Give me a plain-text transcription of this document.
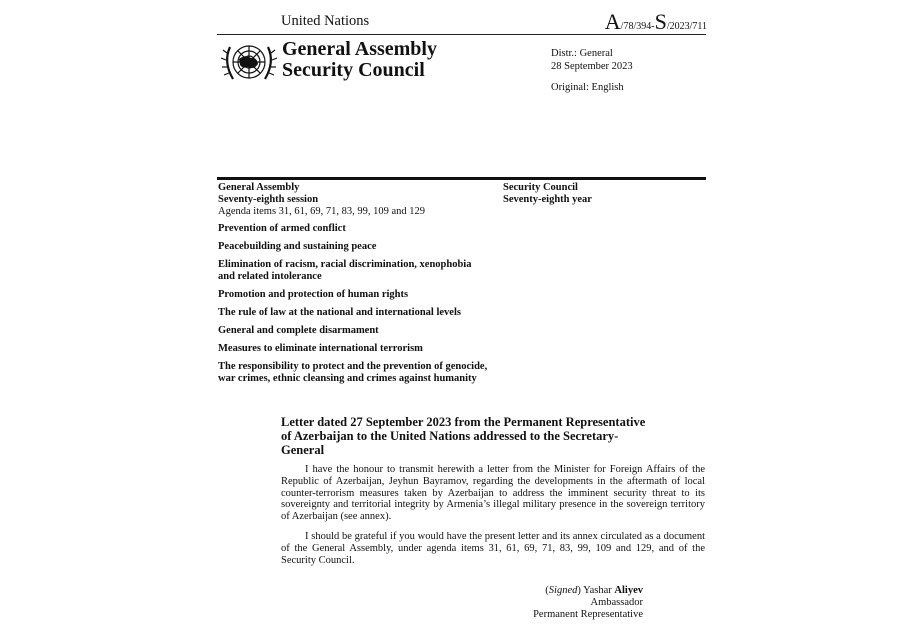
United Nations	A/78/394-S/2023/711
General Assembly
Security Council
Distr.: General
28 September 2023
Original: English
General Assembly
Seventy-eighth session
Agenda items 31, 61, 69, 71, 83, 99, 109 and 129
Security Council
Seventy-eighth year
Prevention of armed conflict
Peacebuilding and sustaining peace
Elimination of racism, racial discrimination, xenophobia and related intolerance
Promotion and protection of human rights
The rule of law at the national and international levels
General and complete disarmament
Measures to eliminate international terrorism
The responsibility to protect and the prevention of genocide, war crimes, ethnic cleansing and crimes against humanity
Letter dated 27 September 2023 from the Permanent Representative of Azerbaijan to the United Nations addressed to the Secretary-General
I have the honour to transmit herewith a letter from the Minister for Foreign Affairs of the Republic of Azerbaijan, Jeyhun Bayramov, regarding the developments in the aftermath of local counter-terrorism measures taken by Azerbaijan to address the imminent security threat to its sovereignty and territorial integrity by Armenia’s illegal military presence in the sovereign territory of Azerbaijan (see annex).
I should be grateful if you would have the present letter and its annex circulated as a document of the General Assembly, under agenda items 31, 61, 69, 71, 83, 99, 109 and 129, and of the Security Council.
(Signed) Yashar Aliyev
Ambassador
Permanent Representative
